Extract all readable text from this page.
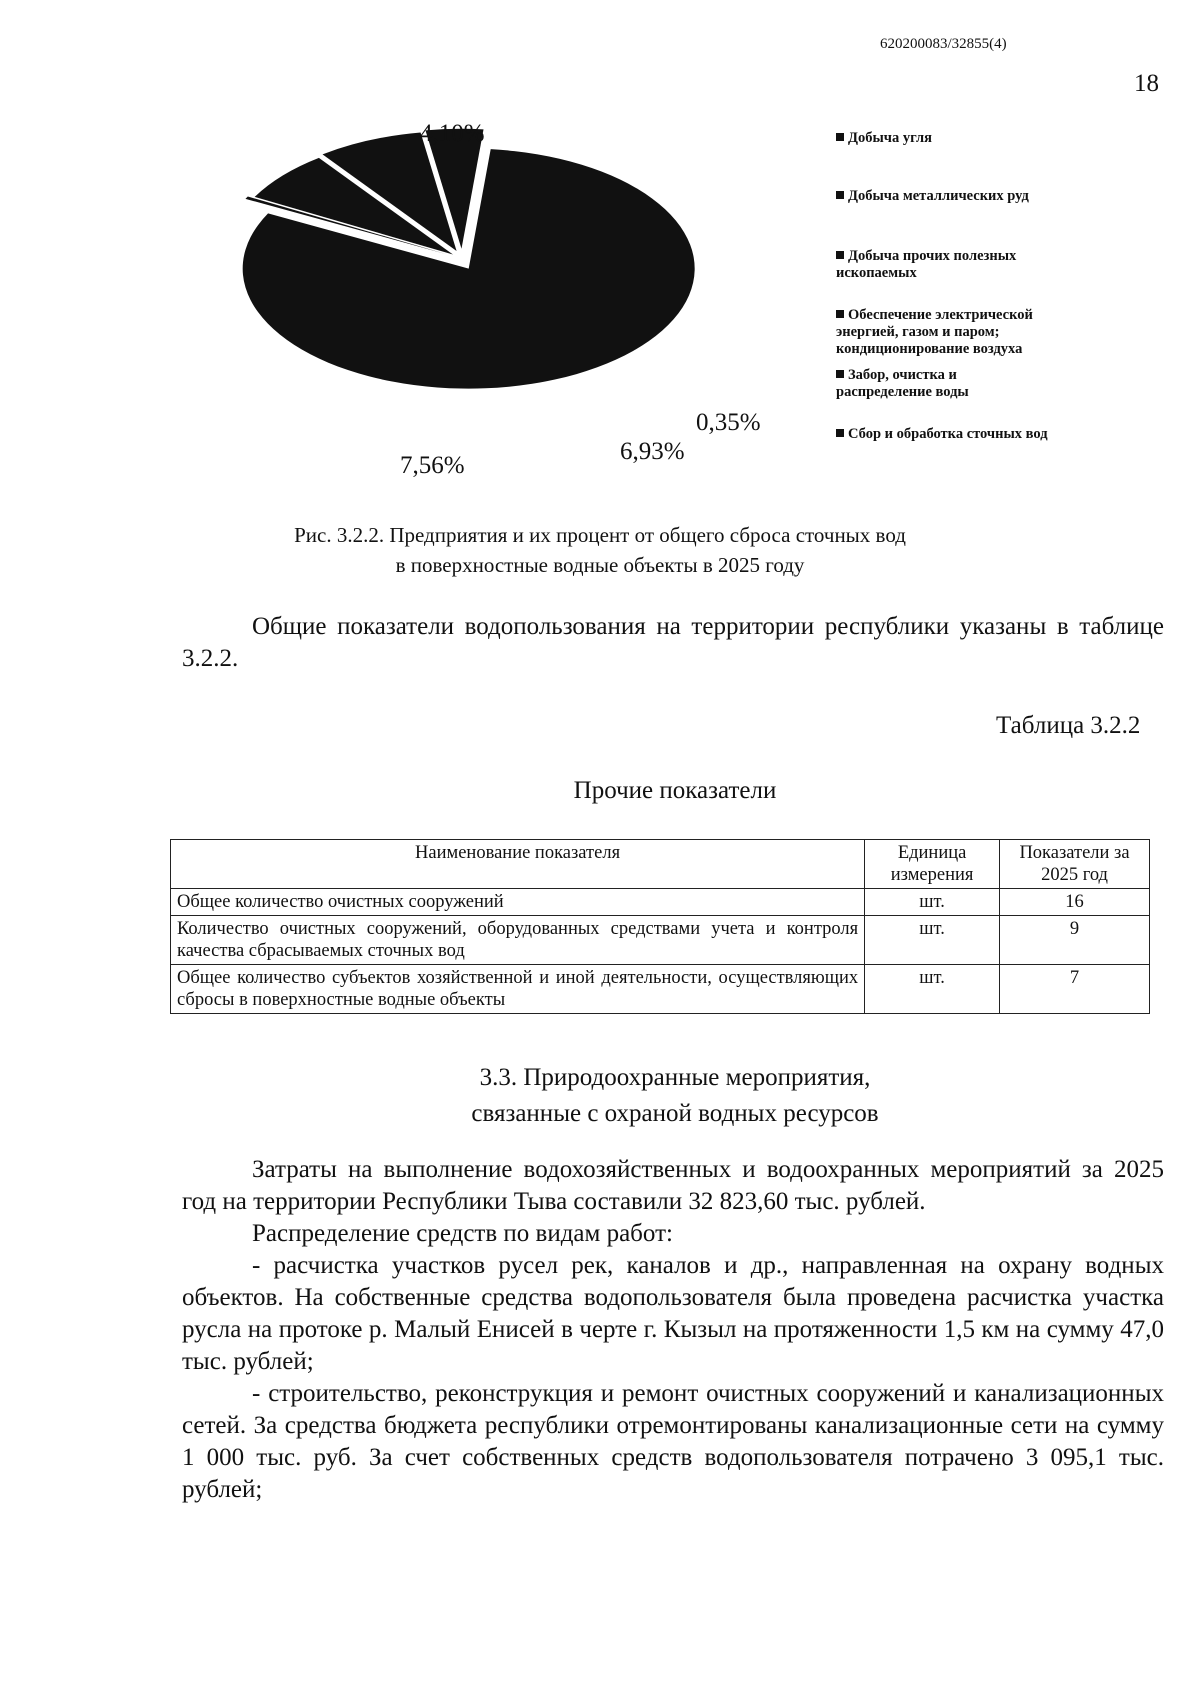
620200083/32855(4)
18
4,10%
0,35%
6,93%
7,56%
Добыча угля
Добыча металлических руд
Добыча прочих полезных ископаемых
Обеспечение электрической энергией, газом и паром; кондиционирование воздуха
Забор, очистка и распределение воды
Сбор и обработка сточных вод
Рис. 3.2.2. Предприятия и их процент от общего сброса сточных вод
в поверхностные водные объекты в 2025 году
Общие показатели водопользования на территории республики указаны в таблице 3.2.2.
Таблица 3.2.2
Прочие показатели
Наименование показателя	Единица измерения	Показатели за 2025 год
Общее количество очистных сооружений	шт.	16
Количество очистных сооружений, оборудованных средствами учета и контроля качества сбрасываемых сточных вод	шт.	9
Общее количество субъектов хозяйственной и иной деятельности, осуществляющих сбросы в поверхностные водные объекты	шт.	7
3.3. Природоохранные мероприятия,
связанные с охраной водных ресурсов
Затраты на выполнение водохозяйственных и водоохранных мероприятий за 2025 год на территории Республики Тыва составили 32 823,60 тыс. рублей.
Распределение средств по видам работ:
- расчистка участков русел рек, каналов и др., направленная на охрану водных объектов. На собственные средства водопользователя была проведена расчистка участка русла на протоке р. Малый Енисей в черте г. Кызыл на протяженности 1,5 км на сумму 47,0 тыс. рублей;
- строительство, реконструкция и ремонт очистных сооружений и канализационных сетей. За средства бюджета республики отремонтированы канализационные сети на сумму 1 000 тыс. руб. За счет собственных средств водопользователя потрачено 3 095,1 тыс. рублей;
